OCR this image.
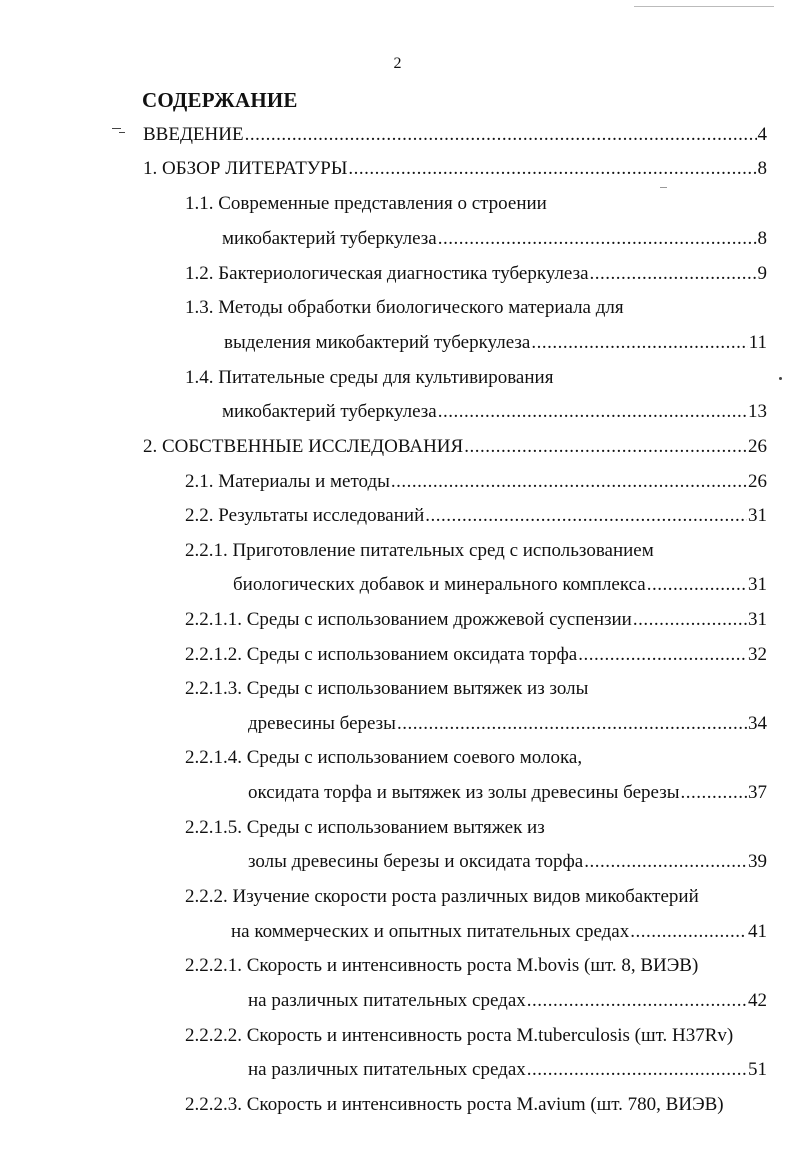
2
СОДЕРЖАНИЕ
ВВЕДЕНИЕ .....	4
1. ОБЗОР ЛИТЕРАТУРЫ .....	8
1.1. Современные представления о строении
микобактерий туберкулеза .....	8
1.2. Бактериологическая диагностика туберкулеза .....	9
1.3. Методы обработки биологического материала для
выделения микобактерий туберкулеза .....	11
1.4. Питательные среды для культивирования
микобактерий туберкулеза .....	13
2. СОБСТВЕННЫЕ ИССЛЕДОВАНИЯ .....	26
2.1. Материалы и методы .....	26
2.2. Результаты исследований .....	31
2.2.1. Приготовление питательных сред с использованием
биологических добавок и минерального комплекса .....	31
2.2.1.1. Среды с использованием дрожжевой суспензии .....	31
2.2.1.2. Среды с использованием оксидата торфа .....	32
2.2.1.3. Среды с использованием вытяжек из золы
древесины березы .....	34
2.2.1.4. Среды с использованием соевого молока,
оксидата торфа и вытяжек из золы древесины березы .....	37
2.2.1.5. Среды с использованием вытяжек из
золы древесины березы и оксидата торфа .....	39
2.2.2. Изучение скорости роста различных видов микобактерий
на коммерческих и опытных питательных средах .....	41
2.2.2.1. Скорость и интенсивность роста M.bovis (шт. 8, ВИЭВ)
на различных питательных средах .....	42
2.2.2.2. Скорость и интенсивность роста M.tuberculosis (шт. H37Rv)
на различных питательных средах .....	51
2.2.2.3. Скорость и интенсивность роста M.avium (шт. 780, ВИЭВ)
